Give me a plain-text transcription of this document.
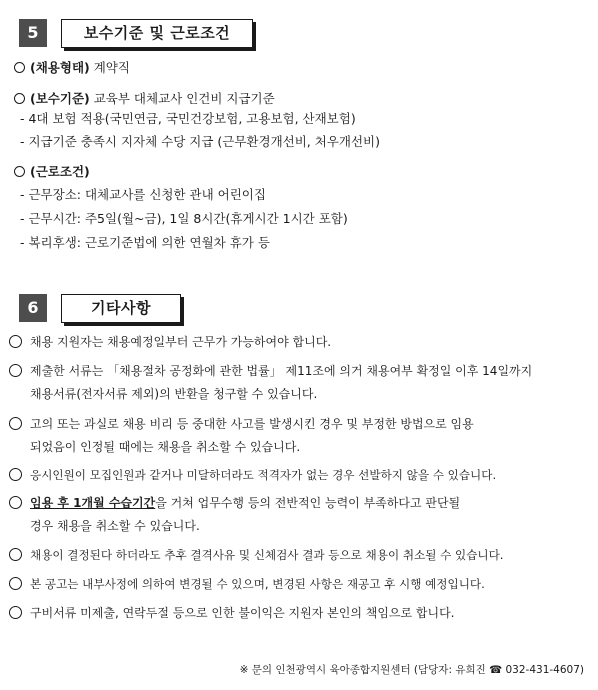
5	보수기준 및 근로조건
(채용형태) 계약직
(보수기준) 교육부 대체교사 인건비 지급기준
- 4대 보험 적용(국민연금, 국민건강보험, 고용보험, 산재보험)
- 지급기준 충족시 지자체 수당 지급 (근무환경개선비, 처우개선비)
(근로조건)
- 근무장소: 대체교사를 신청한 관내 어린이집
- 근무시간: 주5일(월~금), 1일 8시간(휴게시간 1시간 포함)
- 복리후생: 근로기준법에 의한 연월차 휴가 등
6	기타사항
채용 지원자는 채용예정일부터 근무가 가능하여야 합니다.
제출한 서류는 「채용절차 공정화에 관한 법률」 제11조에 의거 채용여부 확정일 이후 14일까지
채용서류(전자서류 제외)의 반환을 청구할 수 있습니다.
고의 또는 과실로 채용 비리 등 중대한 사고를 발생시킨 경우 및 부정한 방법으로 임용
되었음이 인정될 때에는 채용을 취소할 수 있습니다.
응시인원이 모집인원과 같거나 미달하더라도 적격자가 없는 경우 선발하지 않을 수 있습니다.
임용 후 1개월 수습기간을 거쳐 업무수행 등의 전반적인 능력이 부족하다고 판단될
경우 채용을 취소할 수 있습니다.
채용이 결정된다 하더라도 추후 결격사유 및 신체검사 결과 등으로 채용이 취소될 수 있습니다.
본 공고는 내부사정에 의하여 변경될 수 있으며, 변경된 사항은 재공고 후 시행 예정입니다.
구비서류 미제출, 연락두절 등으로 인한 불이익은 지원자 본인의 책임으로 합니다.
※ 문의 인천광역시 육아종합지원센터 (담당자: 유희진 ☎ 032-431-4607)
